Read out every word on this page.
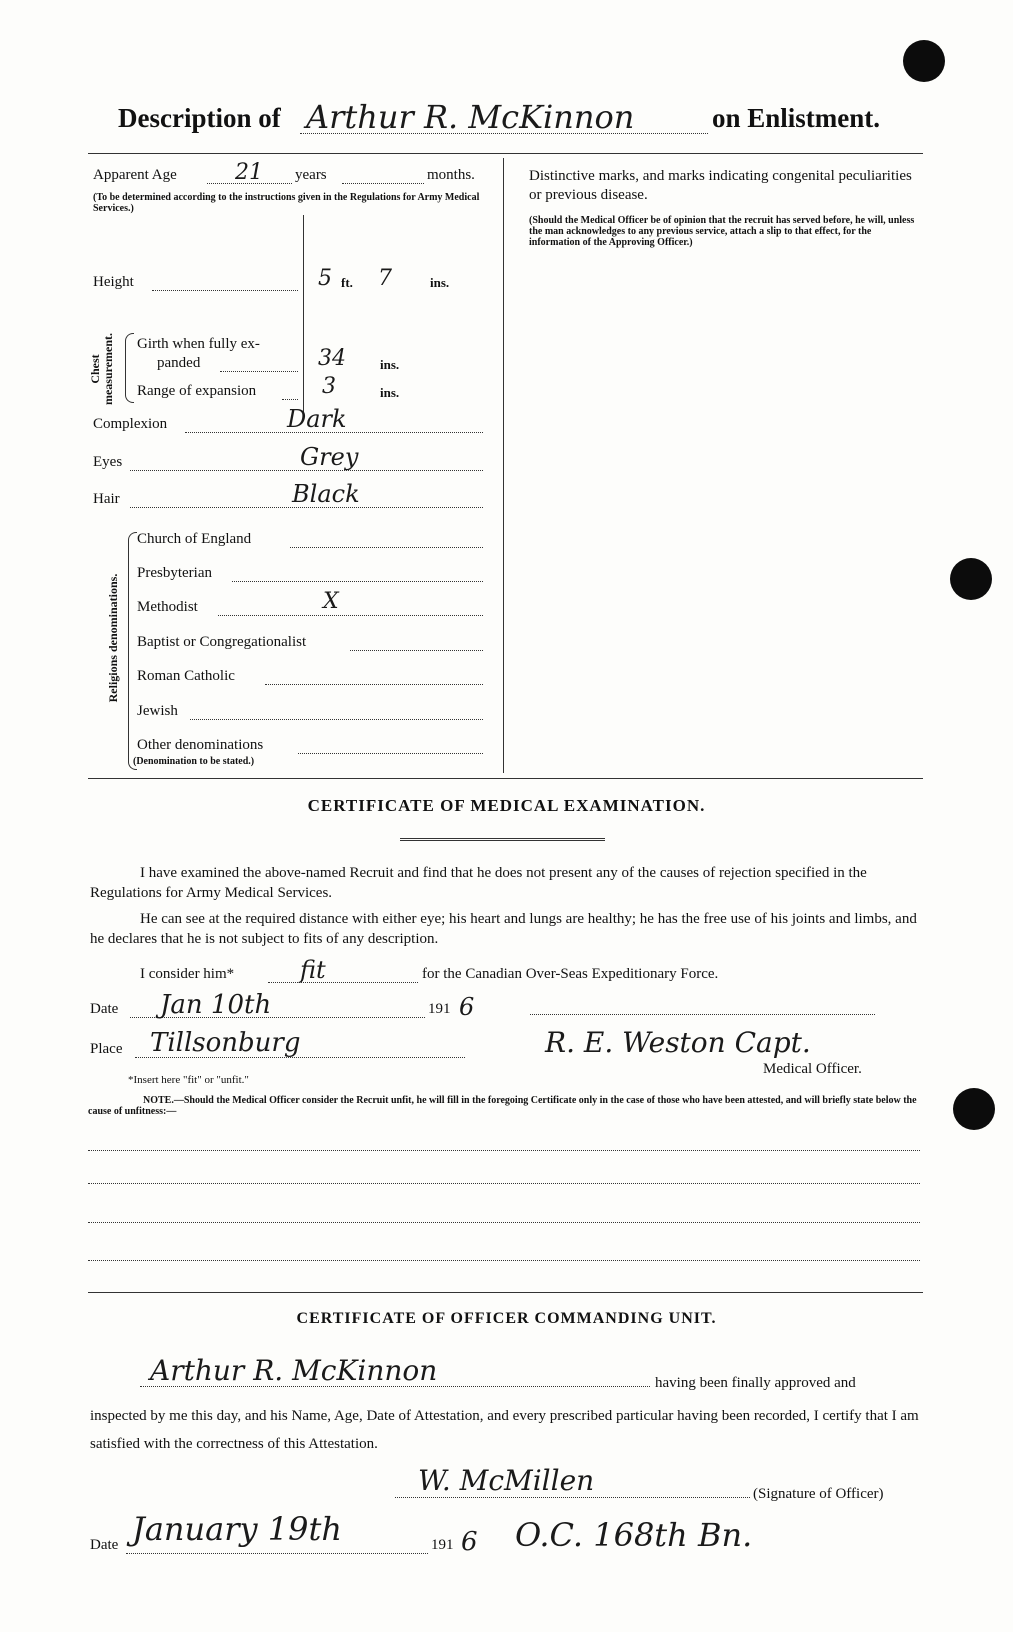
Description of Arthur R. McKinnon	on Enlistment.
Apparent Age	21 years	months.
(To be determined according to the instructions given in the Regulations for Army Medical Services.)
Height	5 ft. 7	ins.
Chest measurement. Girth when fully ex-
panded	34	ins.
Range of expansion	3	ins.
Complexion	Dark
Eyes	Grey
Hair	Black
Religions denominations.
Church of England
Presbyterian
Methodist	X
Baptist or Congregationalist
Roman Catholic
Jewish
Other denominations
(Denomination to be stated.)
Distinctive marks, and marks indicating congenital peculiarities or previous disease.
(Should the Medical Officer be of opinion that the recruit has served before, he will, unless the man acknowledges to any previous service, attach a slip to that effect, for the information of the Approving Officer.)
CERTIFICATE OF MEDICAL EXAMINATION.
I have examined the above-named Recruit and find that he does not present any of the causes of rejection specified in the Regulations for Army Medical Services.
He can see at the required distance with either eye; his heart and lungs are healthy; he has the free use of his joints and limbs, and he declares that he is not subject to fits of any description.
I consider him*	fit	for the Canadian Over-Seas Expeditionary Force.
Date Jan 10th	191 6
Place Tillsonburg	R. E. Weston Capt.
Medical Officer.
*Insert here "fit" or "unfit."
NOTE.—Should the Medical Officer consider the Recruit unfit, he will fill in the foregoing Certificate only in the case of those who have been attested, and will briefly state below the cause of unfitness:—
CERTIFICATE OF OFFICER COMMANDING UNIT.
Arthur R. McKinnon	having been finally approved and
inspected by me this day, and his Name, Age, Date of Attestation, and every prescribed particular having been recorded, I certify that I am satisfied with the correctness of this Attestation.
W. McMillen	(Signature of Officer)
Date January 19th	191 6 O.C. 168th Bn.
